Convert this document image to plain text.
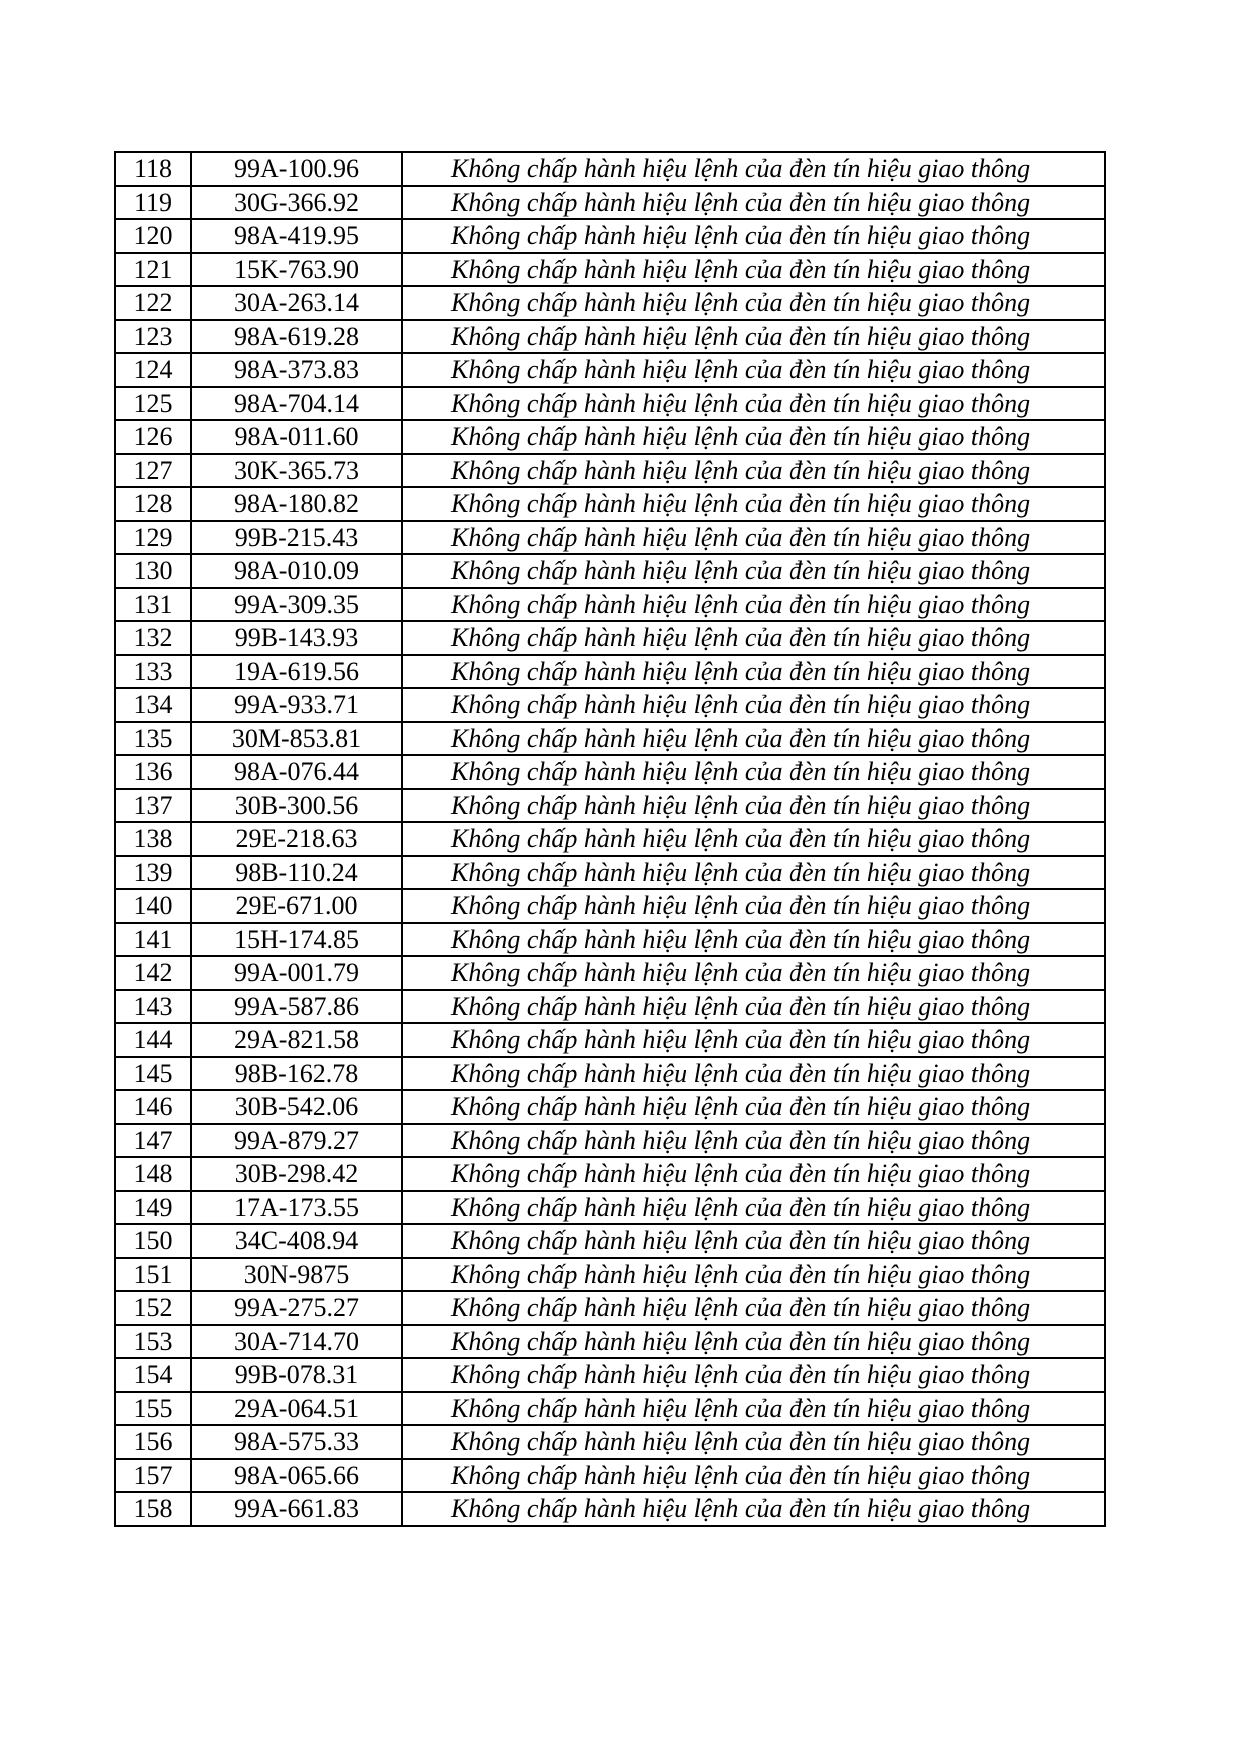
118	99A-100.96	Không chấp hành hiệu lệnh của đèn tín hiệu giao thông
119	30G-366.92	Không chấp hành hiệu lệnh của đèn tín hiệu giao thông
120	98A-419.95	Không chấp hành hiệu lệnh của đèn tín hiệu giao thông
121	15K-763.90	Không chấp hành hiệu lệnh của đèn tín hiệu giao thông
122	30A-263.14	Không chấp hành hiệu lệnh của đèn tín hiệu giao thông
123	98A-619.28	Không chấp hành hiệu lệnh của đèn tín hiệu giao thông
124	98A-373.83	Không chấp hành hiệu lệnh của đèn tín hiệu giao thông
125	98A-704.14	Không chấp hành hiệu lệnh của đèn tín hiệu giao thông
126	98A-011.60	Không chấp hành hiệu lệnh của đèn tín hiệu giao thông
127	30K-365.73	Không chấp hành hiệu lệnh của đèn tín hiệu giao thông
128	98A-180.82	Không chấp hành hiệu lệnh của đèn tín hiệu giao thông
129	99B-215.43	Không chấp hành hiệu lệnh của đèn tín hiệu giao thông
130	98A-010.09	Không chấp hành hiệu lệnh của đèn tín hiệu giao thông
131	99A-309.35	Không chấp hành hiệu lệnh của đèn tín hiệu giao thông
132	99B-143.93	Không chấp hành hiệu lệnh của đèn tín hiệu giao thông
133	19A-619.56	Không chấp hành hiệu lệnh của đèn tín hiệu giao thông
134	99A-933.71	Không chấp hành hiệu lệnh của đèn tín hiệu giao thông
135	30M-853.81	Không chấp hành hiệu lệnh của đèn tín hiệu giao thông
136	98A-076.44	Không chấp hành hiệu lệnh của đèn tín hiệu giao thông
137	30B-300.56	Không chấp hành hiệu lệnh của đèn tín hiệu giao thông
138	29E-218.63	Không chấp hành hiệu lệnh của đèn tín hiệu giao thông
139	98B-110.24	Không chấp hành hiệu lệnh của đèn tín hiệu giao thông
140	29E-671.00	Không chấp hành hiệu lệnh của đèn tín hiệu giao thông
141	15H-174.85	Không chấp hành hiệu lệnh của đèn tín hiệu giao thông
142	99A-001.79	Không chấp hành hiệu lệnh của đèn tín hiệu giao thông
143	99A-587.86	Không chấp hành hiệu lệnh của đèn tín hiệu giao thông
144	29A-821.58	Không chấp hành hiệu lệnh của đèn tín hiệu giao thông
145	98B-162.78	Không chấp hành hiệu lệnh của đèn tín hiệu giao thông
146	30B-542.06	Không chấp hành hiệu lệnh của đèn tín hiệu giao thông
147	99A-879.27	Không chấp hành hiệu lệnh của đèn tín hiệu giao thông
148	30B-298.42	Không chấp hành hiệu lệnh của đèn tín hiệu giao thông
149	17A-173.55	Không chấp hành hiệu lệnh của đèn tín hiệu giao thông
150	34C-408.94	Không chấp hành hiệu lệnh của đèn tín hiệu giao thông
151	30N-9875	Không chấp hành hiệu lệnh của đèn tín hiệu giao thông
152	99A-275.27	Không chấp hành hiệu lệnh của đèn tín hiệu giao thông
153	30A-714.70	Không chấp hành hiệu lệnh của đèn tín hiệu giao thông
154	99B-078.31	Không chấp hành hiệu lệnh của đèn tín hiệu giao thông
155	29A-064.51	Không chấp hành hiệu lệnh của đèn tín hiệu giao thông
156	98A-575.33	Không chấp hành hiệu lệnh của đèn tín hiệu giao thông
157	98A-065.66	Không chấp hành hiệu lệnh của đèn tín hiệu giao thông
158	99A-661.83	Không chấp hành hiệu lệnh của đèn tín hiệu giao thông
